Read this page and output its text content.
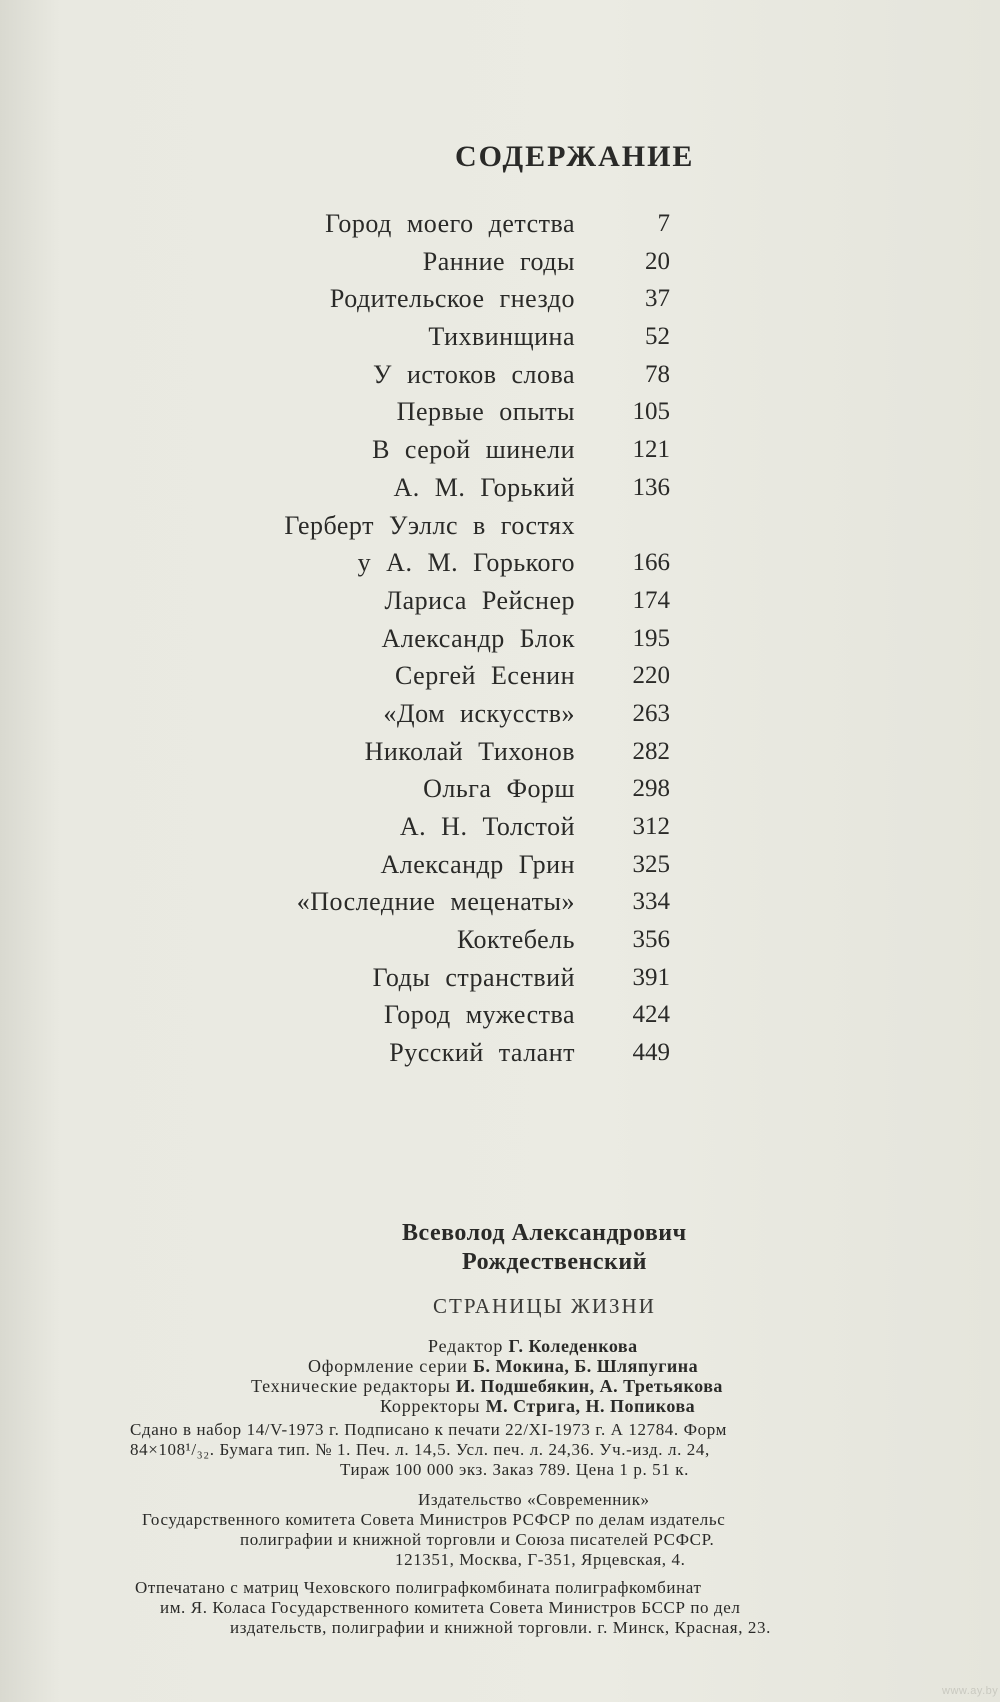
СОДЕРЖАНИЕ
Город моего детства	7
Ранние годы	20
Родительское гнездо	37
Тихвинщина	52
У истоков слова	78
Первые опыты	105
В серой шинели	121
А. М. Горький	136
Герберт Уэллс в гостях
у А. М. Горького	166
Лариса Рейснер	174
Александр Блок	195
Сергей Есенин	220
«Дом искусств»	263
Николай Тихонов	282
Ольга Форш	298
А. Н. Толстой	312
Александр Грин	325
«Последние меценаты»	334
Коктебель	356
Годы странствий	391
Город мужества	424
Русский талант	449
Всеволод Александрович
Рождественский
СТРАНИЦЫ ЖИЗНИ
Редактор Г. Коледенкова
Оформление серии Б. Мокина, Б. Шляпугина
Технические редакторы И. Подшебякин, А. Третьякова
Корректоры М. Стрига, Н. Попикова
Сдано в набор 14/V-1973 г. Подписано к печати 22/XI-1973 г. А 12784. Форм
84×108¹/₃₂. Бумага тип. № 1. Печ. л. 14,5. Усл. печ. л. 24,36. Уч.-изд. л. 24,
Тираж 100 000 экз. Заказ 789. Цена 1 р. 51 к.
Издательство «Современник»
Государственного комитета Совета Министров РСФСР по делам издательс
полиграфии и книжной торговли и Союза писателей РСФСР.
121351, Москва, Г-351, Ярцевская, 4.
Отпечатано с матриц Чеховского полиграфкомбината полиграфкомбинат
им. Я. Коласа Государственного комитета Совета Министров БССР по дел
издательств, полиграфии и книжной торговли. г. Минск, Красная, 23.
www.ay.by
